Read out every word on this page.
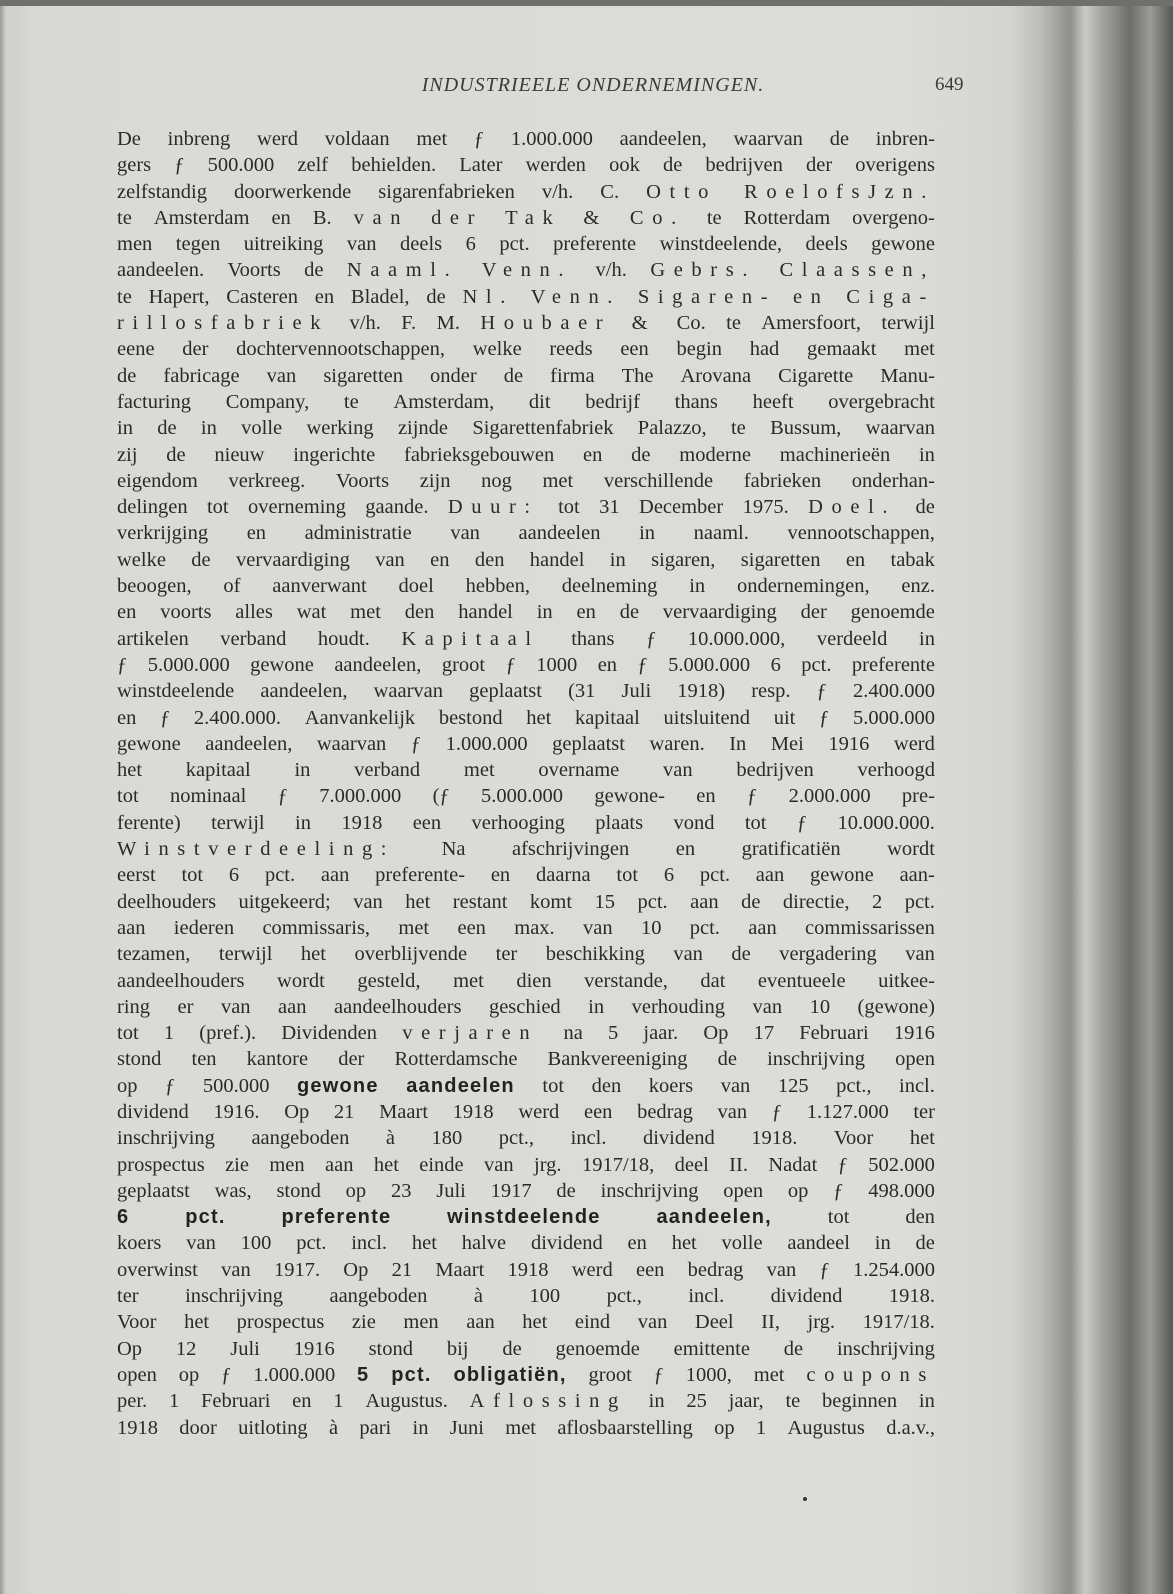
INDUSTRIEELE ONDERNEMINGEN.	649
De inbreng werd voldaan met ƒ 1.000.000 aandeelen, waarvan de inbren-
gers ƒ 500.000 zelf behielden. Later werden ook de bedrijven der overigens
zelfstandig doorwerkende sigarenfabrieken v/h. C. Otto RoelofsJzn.
te Amsterdam en B. van der Tak & Co. te Rotterdam overgeno-
men tegen uitreiking van deels 6 pct. preferente winstdeelende, deels gewone
aandeelen. Voorts de Naaml. Venn. v/h. Gebrs. Claassen,
te Hapert, Casteren en Bladel, de Nl. Venn. Sigaren- en Ciga-
rillosfabriek v/h. F. M. Houbaer & Co. te Amersfoort, terwijl
eene der dochtervennootschappen, welke reeds een begin had gemaakt met
de fabricage van sigaretten onder de firma The Arovana Cigarette Manu-
facturing Company, te Amsterdam, dit bedrijf thans heeft overgebracht
in de in volle werking zijnde Sigarettenfabriek Palazzo, te Bussum, waarvan
zij de nieuw ingerichte fabrieksgebouwen en de moderne machinerieën in
eigendom verkreeg. Voorts zijn nog met verschillende fabrieken onderhan-
delingen tot overneming gaande. Duur: tot 31 December 1975. Doel. de
verkrijging en administratie van aandeelen in naaml. vennootschappen,
welke de vervaardiging van en den handel in sigaren, sigaretten en tabak
beoogen, of aanverwant doel hebben, deelneming in ondernemingen, enz.
en voorts alles wat met den handel in en de vervaardiging der genoemde
artikelen verband houdt. Kapitaal thans ƒ 10.000.000, verdeeld in
ƒ 5.000.000 gewone aandeelen, groot ƒ 1000 en ƒ 5.000.000 6 pct. preferente
winstdeelende aandeelen, waarvan geplaatst (31 Juli 1918) resp. ƒ 2.400.000
en ƒ 2.400.000. Aanvankelijk bestond het kapitaal uitsluitend uit ƒ 5.000.000
gewone aandeelen, waarvan ƒ 1.000.000 geplaatst waren. In Mei 1916 werd
het kapitaal in verband met overname van bedrijven verhoogd
tot nominaal ƒ 7.000.000 (ƒ 5.000.000 gewone- en ƒ 2.000.000 pre-
ferente) terwijl in 1918 een verhooging plaats vond tot ƒ 10.000.000.
Winstverdeeling: Na afschrijvingen en gratificatiën wordt
eerst tot 6 pct. aan preferente- en daarna tot 6 pct. aan gewone aan-
deelhouders uitgekeerd; van het restant komt 15 pct. aan de directie, 2 pct.
aan iederen commissaris, met een max. van 10 pct. aan commissarissen
tezamen, terwijl het overblijvende ter beschikking van de vergadering van
aandeelhouders wordt gesteld, met dien verstande, dat eventueele uitkee-
ring er van aan aandeelhouders geschied in verhouding van 10 (gewone)
tot 1 (pref.). Dividenden verjaren na 5 jaar. Op 17 Februari 1916
stond ten kantore der Rotterdamsche Bankvereeniging de inschrijving open
op ƒ 500.000 gewone aandeelen tot den koers van 125 pct., incl.
dividend 1916. Op 21 Maart 1918 werd een bedrag van ƒ 1.127.000 ter
inschrijving aangeboden à 180 pct., incl. dividend 1918. Voor het
prospectus zie men aan het einde van jrg. 1917/18, deel II. Nadat ƒ 502.000
geplaatst was, stond op 23 Juli 1917 de inschrijving open op ƒ 498.000
6	pct.	preferente	winstdeelende	aandeelen,	tot	den
koers van 100 pct. incl. het halve dividend en het volle aandeel in de
overwinst van 1917. Op 21 Maart 1918 werd een bedrag van ƒ 1.254.000
ter inschrijving aangeboden à 100 pct., incl. dividend 1918.
Voor het prospectus zie men aan het eind van Deel II, jrg. 1917/18.
Op 12 Juli 1916 stond bij de genoemde emittente de inschrijving
open op ƒ 1.000.000 5 pct. obligatiën, groot ƒ 1000, met coupons
per. 1 Februari en 1 Augustus. Aflossing in 25 jaar, te beginnen in
1918 door uitloting à pari in Juni met aflosbaarstelling op 1 Augustus d.a.v.,
